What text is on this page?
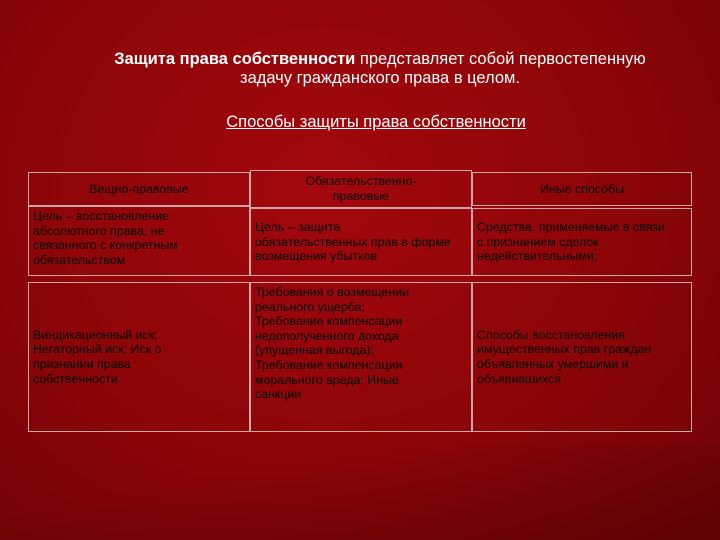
Защита права собственности представляет собой первостепенную
задачу гражданского права в целом.
Способы защиты права собственности
Вещно-правовые
Обязательственно-правовые
Иные способы
Цель – восстановление абсолютного права, не связанного с конкретным обязательством
Цель – защита обязательственных прав в форме возмещения убытков
Средства, применяемые в связи с признанием сделок недействительными;
Виндикационный иск; Негаторный иск; Иск о признании права собственности.
Требования о возмещении реального ущерба; Требование компенсации недополученного дохода (упущенная выгода); Требование компенсации морального вреда; Иные санкции
Способы восстановления имущественных прав граждан объявленных умершими и объявившихся
